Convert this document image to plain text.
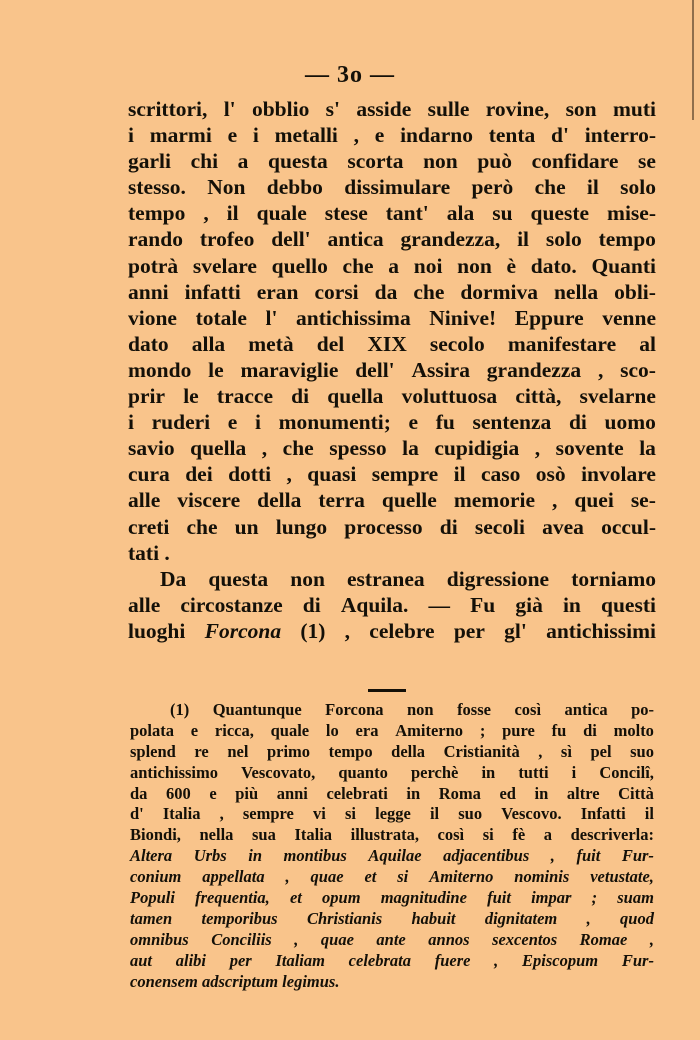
— 3o —
scrittori, l' obblio s' asside sulle rovine, son muti
i marmi e i metalli , e indarno tenta d' interro-
garli chi a questa scorta non può confidare se
stesso. Non debbo dissimulare però che il solo
tempo , il quale stese tant' ala su queste mise-
rando trofeo dell' antica grandezza, il solo tempo
potrà svelare quello che a noi non è dato. Quanti
anni infatti eran corsi da che dormiva nella obli-
vione totale l' antichissima Ninive! Eppure venne
dato alla metà del XIX secolo manifestare al
mondo le maraviglie dell' Assira grandezza , sco-
prir le tracce di quella voluttuosa città, svelarne
i ruderi e i monumenti; e fu sentenza di uomo
savio quella , che spesso la cupidigia , sovente la
cura dei dotti , quasi sempre il caso osò involare
alle viscere della terra quelle memorie , quei se-
creti che un lungo processo di secoli avea occul-
tati .
Da questa non estranea digressione torniamo
alle circostanze di Aquila. — Fu già in questi
luoghi Forcona (1) , celebre per gl' antichissimi
(1) Quantunque Forcona non fosse così antica po-
polata e ricca, quale lo era Amiterno ; pure fu di molto
splend re nel primo tempo della Cristianità , sì pel suo
antichissimo Vescovato, quanto perchè in tutti i Concilî,
da 600 e più anni celebrati in Roma ed in altre Città
d' Italia , sempre vi si legge il suo Vescovo. Infatti il
Biondi, nella sua Italia illustrata, così si fè a descriverla:
Altera Urbs in montibus Aquilae adjacentibus , fuit Fur-
conium appellata , quae et si Amiterno nominis vetustate,
Populi frequentia, et opum magnitudine fuit impar ; suam
tamen temporibus Christianis habuit dignitatem , quod
omnibus Conciliis , quae ante annos sexcentos Romae ,
aut alibi per Italiam celebrata fuere , Episcopum Fur-
conensem adscriptum legimus.
